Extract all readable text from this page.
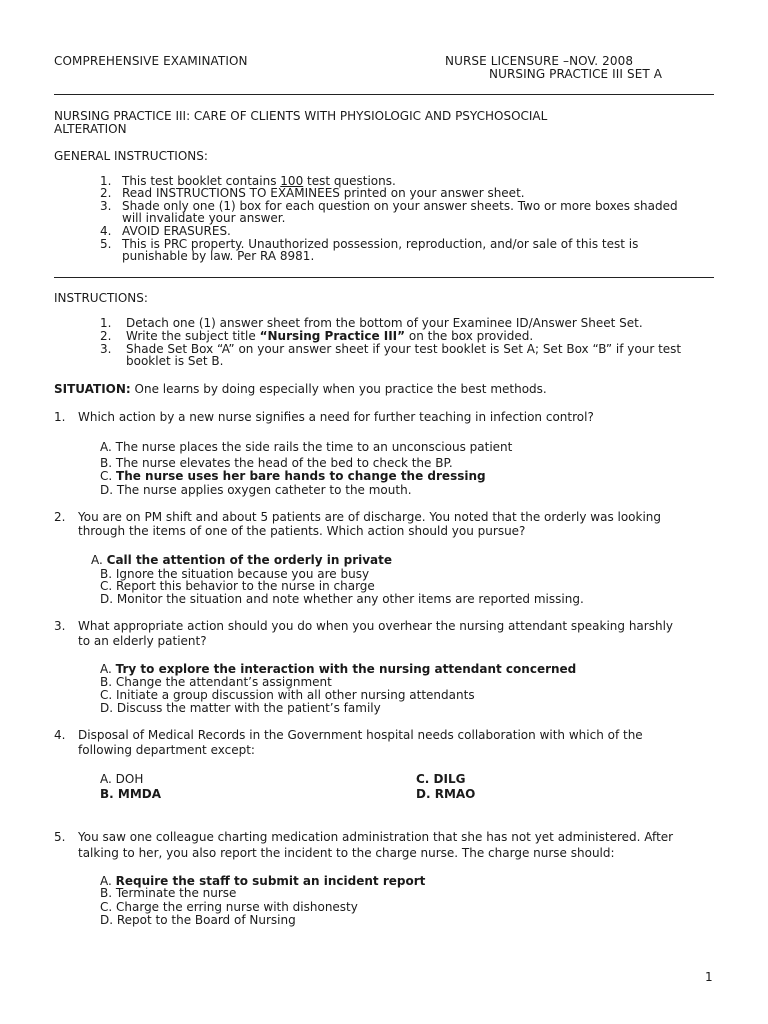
COMPREHENSIVE EXAMINATION	NURSE LICENSURE –NOV. 2008
NURSING PRACTICE III SET A
NURSING PRACTICE III: CARE OF CLIENTS WITH PHYSIOLOGIC AND PSYCHOSOCIAL
ALTERATION
GENERAL INSTRUCTIONS:
1. This test booklet contains 100 test questions.
2. Read INSTRUCTIONS TO EXAMINEES printed on your answer sheet.
3. Shade only one (1) box for each question on your answer sheets. Two or more boxes shaded
will invalidate your answer.
4. AVOID ERASURES.
5. This is PRC property. Unauthorized possession, reproduction, and/or sale of this test is
punishable by law. Per RA 8981.
INSTRUCTIONS:
1. Detach one (1) answer sheet from the bottom of your Examinee ID/Answer Sheet Set.
2. Write the subject title “Nursing Practice III” on the box provided.
3. Shade Set Box “A” on your answer sheet if your test booklet is Set A; Set Box “B” if your test
booklet is Set B.
SITUATION: One learns by doing especially when you practice the best methods.
1. Which action by a new nurse signifies a need for further teaching in infection control?
A. The nurse places the side rails the time to an unconscious patient
B. The nurse elevates the head of the bed to check the BP.
C. The nurse uses her bare hands to change the dressing
D. The nurse applies oxygen catheter to the mouth.
2. You are on PM shift and about 5 patients are of discharge. You noted that the orderly was looking
through the items of one of the patients. Which action should you pursue?
A. Call the attention of the orderly in private
B. Ignore the situation because you are busy
C. Report this behavior to the nurse in charge
D. Monitor the situation and note whether any other items are reported missing.
3. What appropriate action should you do when you overhear the nursing attendant speaking harshly
to an elderly patient?
A. Try to explore the interaction with the nursing attendant concerned
B. Change the attendant’s assignment
C. Initiate a group discussion with all other nursing attendants
D. Discuss the matter with the patient’s family
4. Disposal of Medical Records in the Government hospital needs collaboration with which of the
following department except:
A. DOH
B. MMDA
C. DILG
D. RMAO
5. You saw one colleague charting medication administration that she has not yet administered. After
talking to her, you also report the incident to the charge nurse. The charge nurse should:
A. Require the staff to submit an incident report
B. Terminate the nurse
C. Charge the erring nurse with dishonesty
D. Repot to the Board of Nursing
1
